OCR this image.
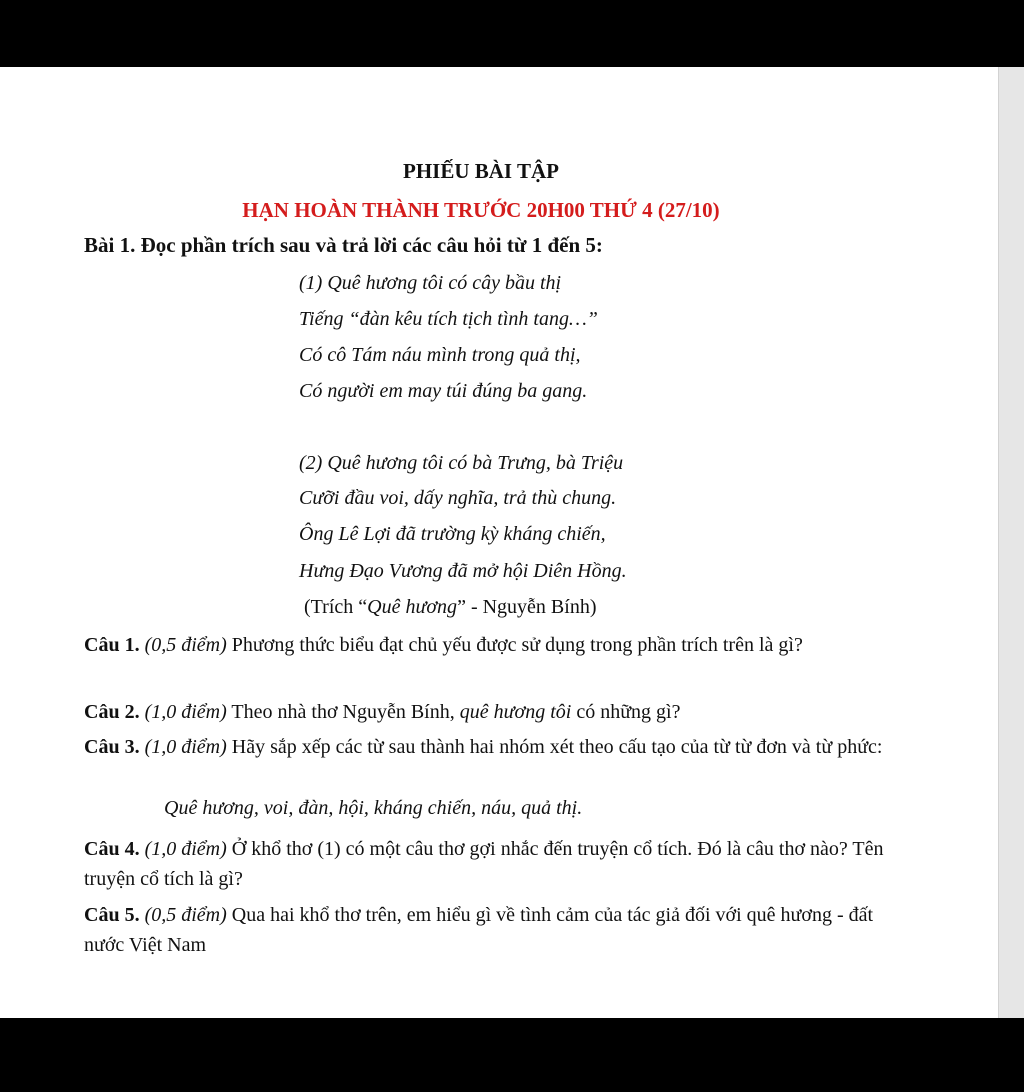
PHIẾU BÀI TẬP
HẠN HOÀN THÀNH TRƯỚC 20H00 THỨ 4 (27/10)
Bài 1. Đọc phần trích sau và trả lời các câu hỏi từ 1 đến 5:
(1) Quê hương tôi có cây bầu thị
Tiếng “đàn kêu tích tịch tình tang…”
Có cô Tám náu mình trong quả thị,
Có người em may túi đúng ba gang.
(2) Quê hương tôi có bà Trưng, bà Triệu
Cưỡi đầu voi, dấy nghĩa, trả thù chung.
Ông Lê Lợi đã trường kỳ kháng chiến,
Hưng Đạo Vương đã mở hội Diên Hồng.
(Trích “Quê hương” - Nguyễn Bính)
Câu 1. (0,5 điểm) Phương thức biểu đạt chủ yếu được sử dụng trong phần trích trên là gì?
Câu 2. (1,0 điểm) Theo nhà thơ Nguyễn Bính, quê hương tôi có những gì?
Câu 3. (1,0 điểm) Hãy sắp xếp các từ sau thành hai nhóm xét theo cấu tạo của từ từ đơn và từ phức:
Quê hương, voi, đàn, hội, kháng chiến, náu, quả thị.
Câu 4. (1,0 điểm) Ở khổ thơ (1) có một câu thơ gợi nhắc đến truyện cổ tích. Đó là câu thơ nào? Tên truyện cổ tích là gì?
Câu 5. (0,5 điểm) Qua hai khổ thơ trên, em hiểu gì về tình cảm của tác giả đối với quê hương - đất nước Việt Nam
